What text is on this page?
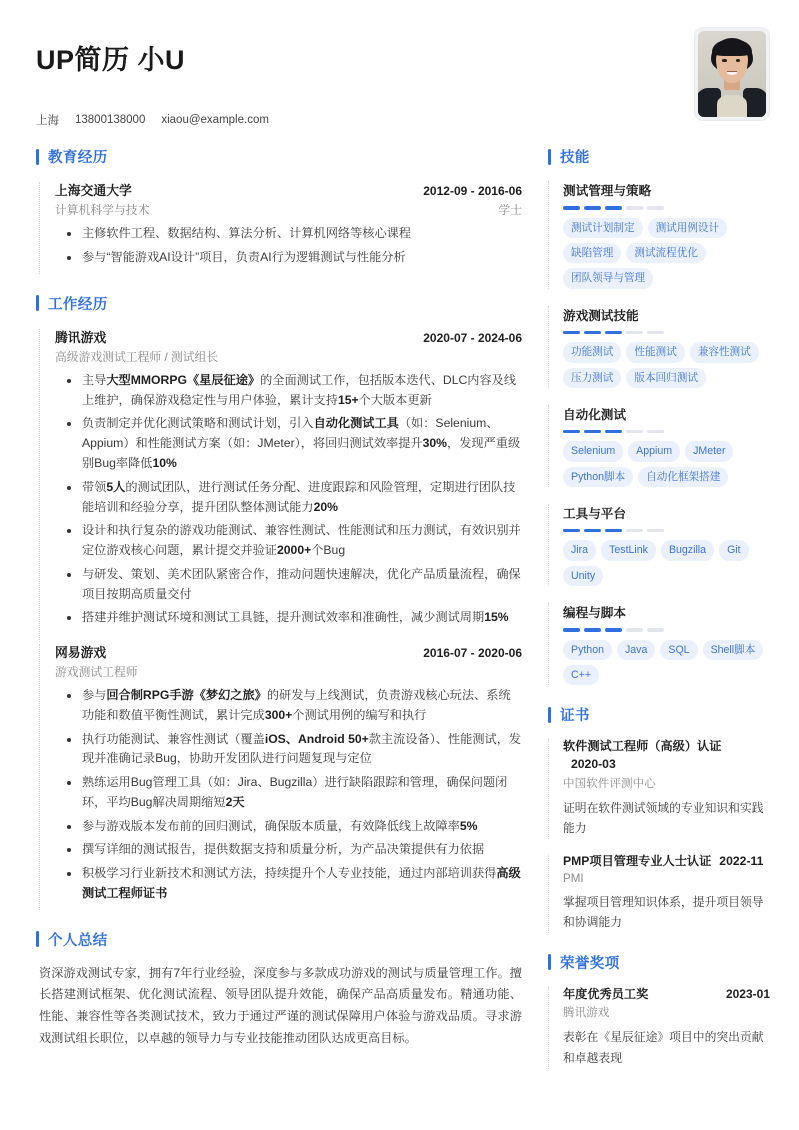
UP简历 小U
上海 13800138000 xiaou@example.com
教育经历
上海交通大学	2012-09 - 2016-06
计算机科学与技术	学士
主修软件工程、数据结构、算法分析、计算机网络等核心课程
参与“智能游戏AI设计”项目，负责AI行为逻辑测试与性能分析
工作经历
腾讯游戏	2020-07 - 2024-06
高级游戏测试工程师 / 测试组长
主导大型MMORPG《星辰征途》的全面测试工作，包括版本迭代、DLC内容及线上维护，确保游戏稳定性与用户体验，累计支持15+个大版本更新
负责制定并优化测试策略和测试计划，引入自动化测试工具（如：Selenium、Appium）和性能测试方案（如：JMeter），将回归测试效率提升30%，发现严重级别Bug率降低10%
带领5人的测试团队，进行测试任务分配、进度跟踪和风险管理，定期进行团队技能培训和经验分享，提升团队整体测试能力20%
设计和执行复杂的游戏功能测试、兼容性测试、性能测试和压力测试，有效识别并定位游戏核心问题，累计提交并验证2000+个Bug
与研发、策划、美术团队紧密合作，推动问题快速解决，优化产品质量流程，确保项目按期高质量交付
搭建并维护测试环境和测试工具链，提升测试效率和准确性，减少测试周期15%
网易游戏	2016-07 - 2020-06
游戏测试工程师
参与回合制RPG手游《梦幻之旅》的研发与上线测试，负责游戏核心玩法、系统功能和数值平衡性测试，累计完成300+个测试用例的编写和执行
执行功能测试、兼容性测试（覆盖iOS、Android 50+款主流设备）、性能测试，发现并准确记录Bug，协助开发团队进行问题复现与定位
熟练运用Bug管理工具（如：Jira、Bugzilla）进行缺陷跟踪和管理，确保问题闭环，平均Bug解决周期缩短2天
参与游戏版本发布前的回归测试，确保版本质量，有效降低线上故障率5%
撰写详细的测试报告，提供数据支持和质量分析，为产品决策提供有力依据
积极学习行业新技术和测试方法，持续提升个人专业技能，通过内部培训获得高级测试工程师证书
个人总结
资深游戏测试专家，拥有7年行业经验，深度参与多款成功游戏的测试与质量管理工作。擅长搭建测试框架、优化测试流程、领导团队提升效能，确保产品高质量发布。精通功能、性能、兼容性等各类测试技术，致力于通过严谨的测试保障用户体验与游戏品质。寻求游戏测试组长职位，以卓越的领导力与专业技能推动团队达成更高目标。
技能
测试管理与策略
测试计划制定	测试用例设计
缺陷管理	测试流程优化
团队领导与管理
游戏测试技能
功能测试	性能测试	兼容性测试
压力测试	版本回归测试
自动化测试
Selenium	Appium	JMeter
Python脚本	自动化框架搭建
工具与平台
Jira	TestLink	Bugzilla	Git
Unity
编程与脚本
Python	Java	SQL	Shell脚本
C++
证书
软件测试工程师（高级）认证2020-03
中国软件评测中心
证明在软件测试领域的专业知识和实践能力
PMP项目管理专业人士认证 2022-11
PMI
掌握项目管理知识体系，提升项目领导和协调能力
荣誉奖项
年度优秀员工奖	2023-01
腾讯游戏
表彰在《星辰征途》项目中的突出贡献和卓越表现
